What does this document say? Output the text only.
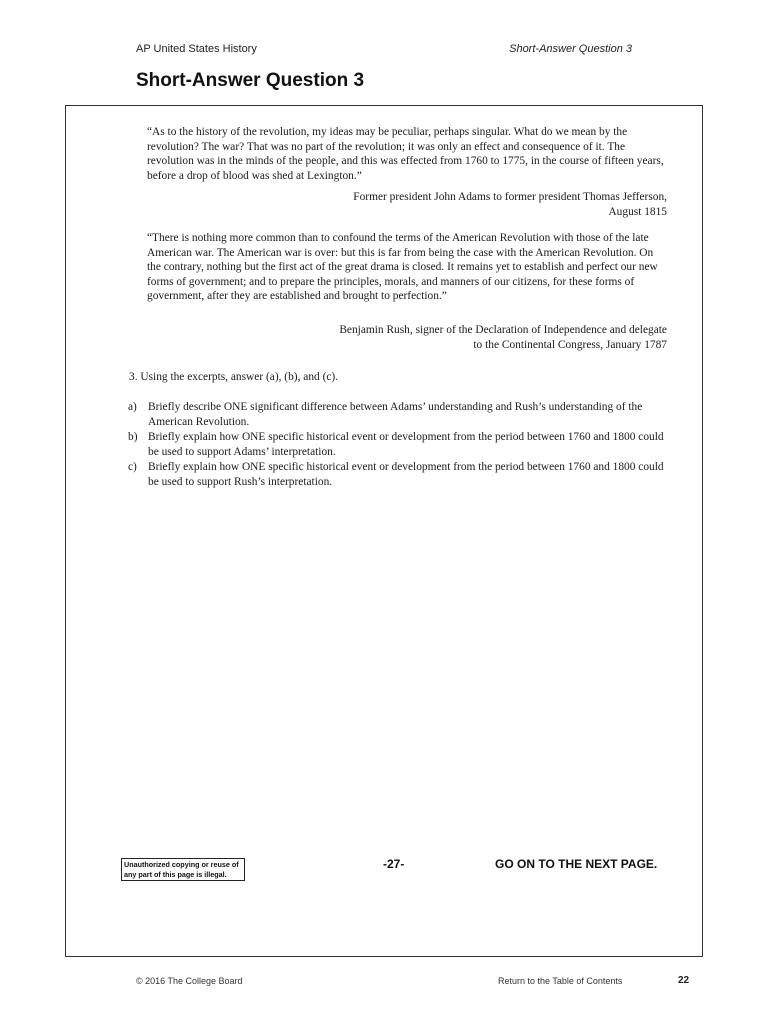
AP United States History	Short-Answer Question 3
Short-Answer Question 3

“As to the history of the revolution, my ideas may be peculiar, perhaps singular. What do we mean by the revolution? The war? That was no part of the revolution; it was only an effect and consequence of it. The revolution was in the minds of the people, and this was effected from 1760 to 1775, in the course of fifteen years, before a drop of blood was shed at Lexington.”

Former president John Adams to former president Thomas Jefferson,
August 1815

“There is nothing more common than to confound the terms of the American Revolution with those of the late American war. The American war is over: but this is far from being the case with the American Revolution. On the contrary, nothing but the first act of the great drama is closed. It remains yet to establish and perfect our new forms of government; and to prepare the principles, morals, and manners of our citizens, for these forms of government, after they are established and brought to perfection.”

Benjamin Rush, signer of the Declaration of Independence and delegate
to the Continental Congress, January 1787

3. Using the excerpts, answer (a), (b), and (c).

a) Briefly describe ONE significant difference between Adams’ understanding and Rush’s understanding of the American Revolution.
b) Briefly explain how ONE specific historical event or development from the period between 1760 and 1800 could be used to support Adams’ interpretation.
c) Briefly explain how ONE specific historical event or development from the period between 1760 and 1800 could be used to support Rush’s interpretation.
Unauthorized copying or reuse of any part of this page is illegal.
-27-	GO ON TO THE NEXT PAGE.
© 2016 The College Board	Return to the Table of Contents	22
